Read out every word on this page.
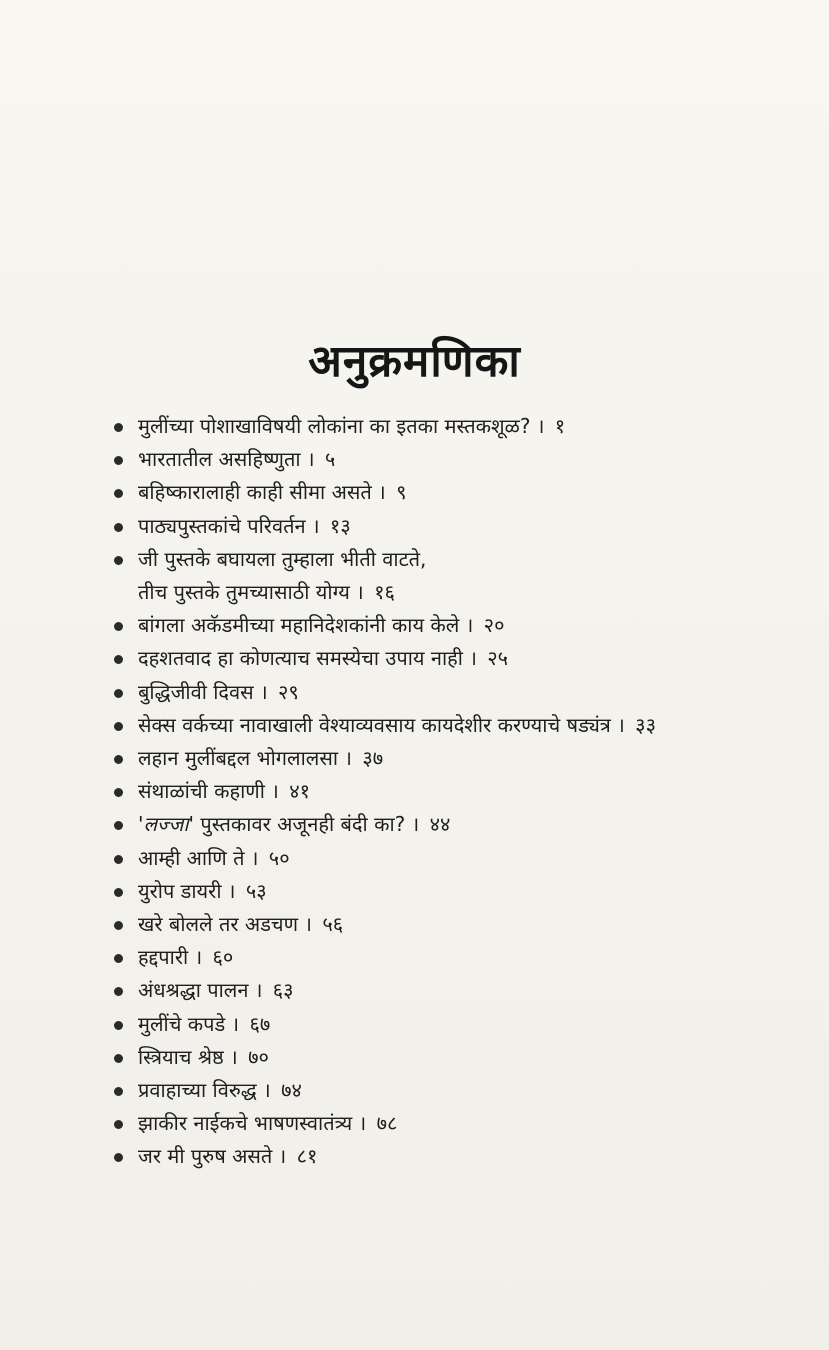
अनुक्रमणिका
मुलींच्या पोशाखाविषयी लोकांना का इतका मस्तकशूळ? । १
भारतातील असहिष्णुता । ५
बहिष्कारालाही काही सीमा असते । ९
पाठ्यपुस्तकांचे परिवर्तन । १३
जी पुस्तके बघायला तुम्हाला भीती वाटते,
तीच पुस्तके तुमच्यासाठी योग्य । १६
बांगला अकॅडमीच्या महानिदेशकांनी काय केले । २०
दहशतवाद हा कोणत्याच समस्येचा उपाय नाही । २५
बुद्धिजीवी दिवस । २९
सेक्स वर्कच्या नावाखाली वेश्याव्यवसाय कायदेशीर करण्याचे षड्यंत्र । ३३
लहान मुलींबद्दल भोगलालसा । ३७
संथाळांची कहाणी । ४१
'लज्जा' पुस्तकावर अजूनही बंदी का? । ४४
आम्ही आणि ते । ५०
युरोप डायरी । ५३
खरे बोलले तर अडचण । ५६
हद्दपारी । ६०
अंधश्रद्धा पालन । ६३
मुलींचे कपडे । ६७
स्त्रियाच श्रेष्ठ । ७०
प्रवाहाच्या विरुद्ध । ७४
झाकीर नाईकचे भाषणस्वातंत्र्य । ७८
जर मी पुरुष असते । ८१
